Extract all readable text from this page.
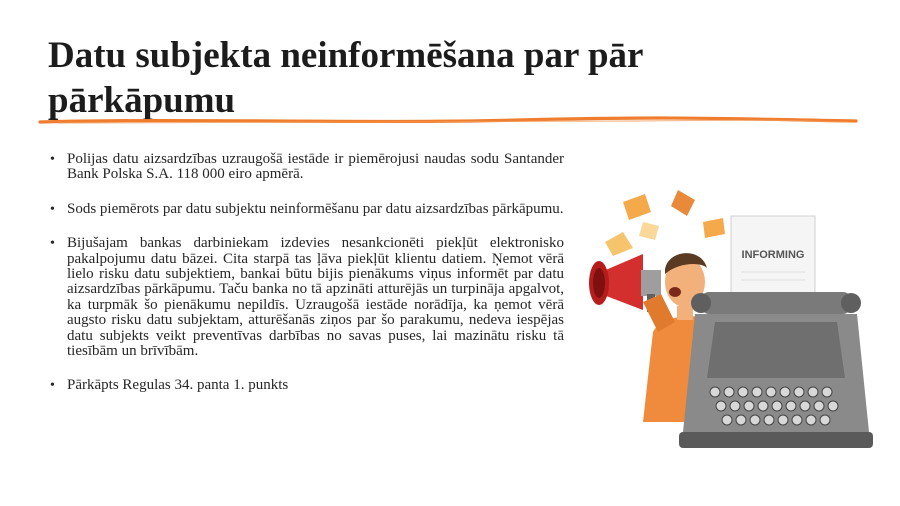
Datu subjekta neinformēšana par pār pārkāpumu
• Polijas datu aizsardzības uzraugošā iestāde ir piemērojusi naudas sodu Santander Bank Polska S.A. 118 000 eiro apmērā.
• Sods piemērots par datu subjektu neinformēšanu par datu aizsardzības pārkāpumu.
• Bijušajam bankas darbiniekam izdevies nesankcionēti piekļūt elektronisko pakalpojumu datu bāzei. Cita starpā tas ļāva piekļūt klientu datiem. Ņemot vērā lielo risku datu subjektiem, bankai būtu bijis pienākums viņus informēt par datu aizsardzības pārkāpumu. Taču banka no tā apzināti atturējās un turpināja apgalvot, ka turpmāk šo pienākumu nepildīs. Uzraugošā iestāde norādīja, ka ņemot vērā augsto risku datu subjektam, atturēšanās ziņos par šo parakumu, nedeva iespējas datu subjekts veikt preventīvas darbības no savas puses, lai mazinātu risku tā tiesībām un brīvībām.
• Pārkāpts Regulas 34. panta 1. punkts
INFORMING
